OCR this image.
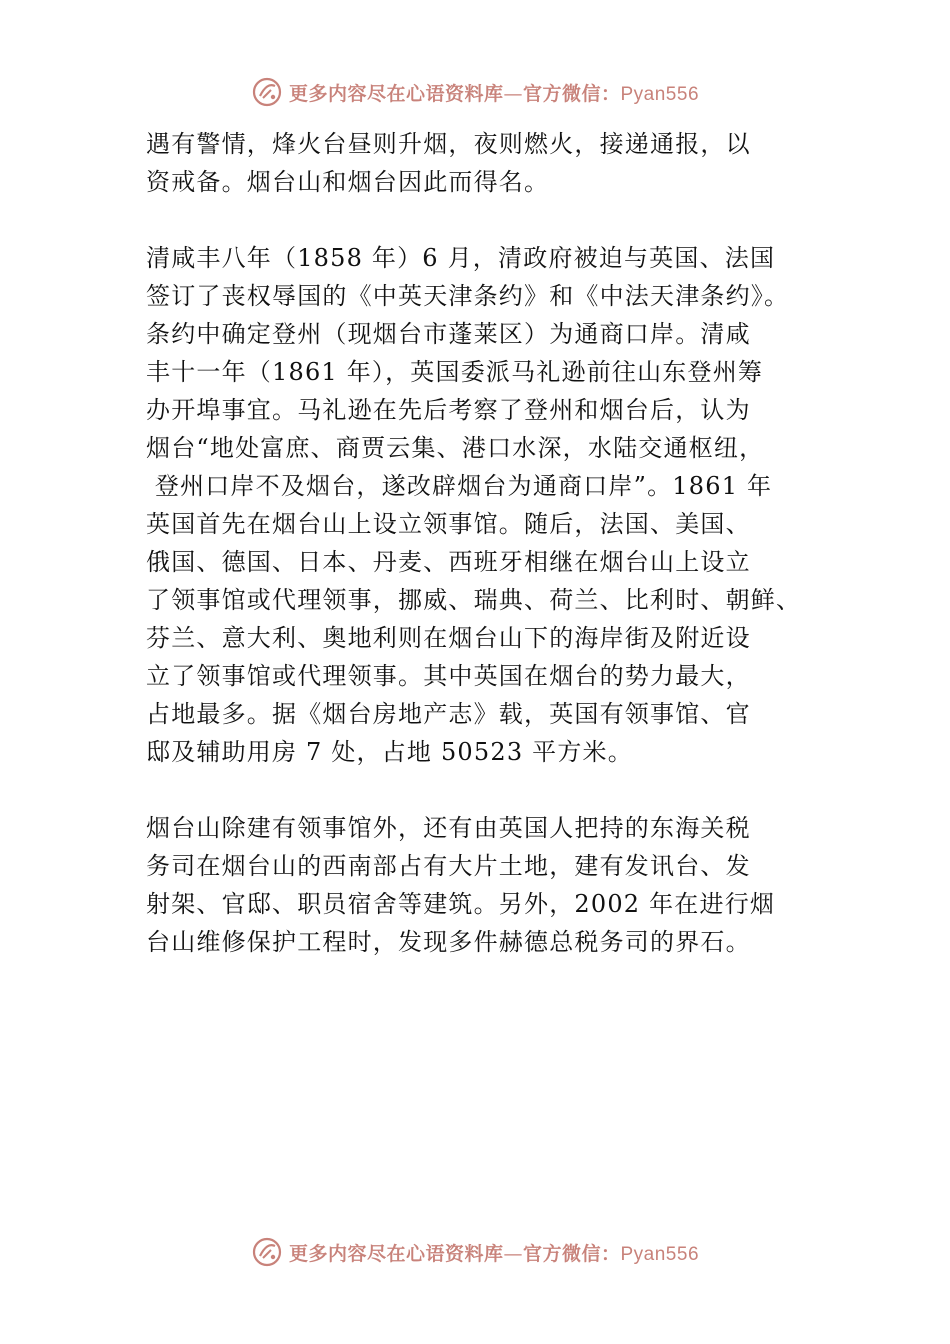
更多内容尽在心语资料库—官方微信：Pyan556
遇有警情，烽火台昼则升烟，夜则燃火，接递通报，以
资戒备。烟台山和烟台因此而得名。
清咸丰八年（1858 年）6 月，清政府被迫与英国、法国
签订了丧权辱国的《中英天津条约》和《中法天津条约》。
条约中确定登州（现烟台市蓬莱区）为通商口岸。清咸
丰十一年（1861 年），英国委派马礼逊前往山东登州筹
办开埠事宜。马礼逊在先后考察了登州和烟台后，认为
烟台“地处富庶、商贾云集、港口水深，水陆交通枢纽，
登州口岸不及烟台，遂改辟烟台为通商口岸”。1861 年
英国首先在烟台山上设立领事馆。随后，法国、美国、
俄国、德国、日本、丹麦、西班牙相继在烟台山上设立
了领事馆或代理领事，挪威、瑞典、荷兰、比利时、朝鲜、
芬兰、意大利、奥地利则在烟台山下的海岸街及附近设
立了领事馆或代理领事。其中英国在烟台的势力最大，
占地最多。据《烟台房地产志》载，英国有领事馆、官
邸及辅助用房 7 处，占地 50523 平方米。
烟台山除建有领事馆外，还有由英国人把持的东海关税
务司在烟台山的西南部占有大片土地，建有发讯台、发
射架、官邸、职员宿舍等建筑。另外，2002 年在进行烟
台山维修保护工程时，发现多件赫德总税务司的界石。
更多内容尽在心语资料库—官方微信：Pyan556
